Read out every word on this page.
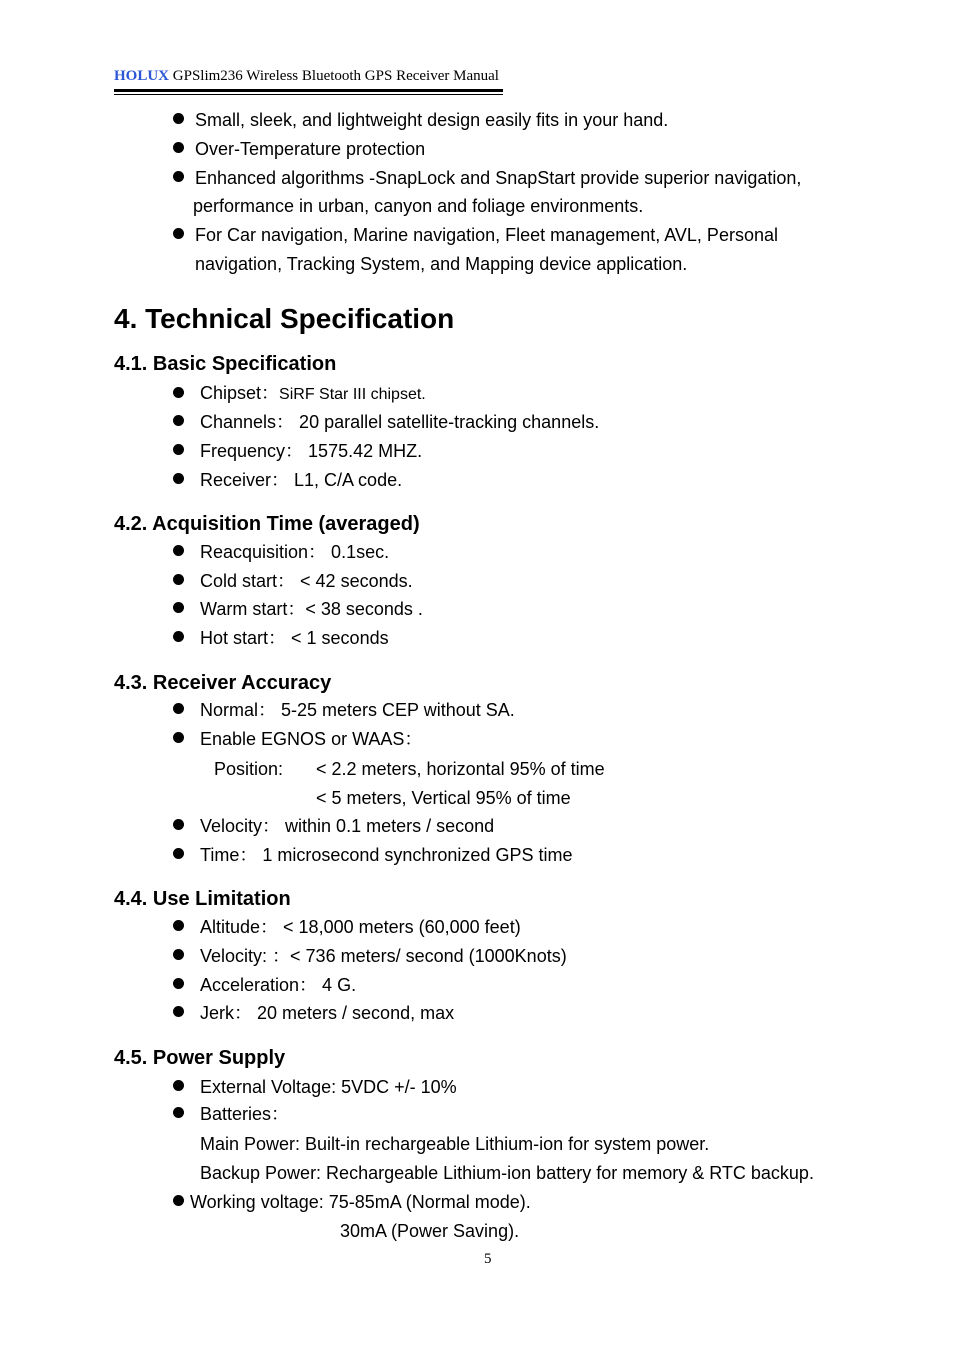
HOLUX GPSlim236 Wireless Bluetooth GPS Receiver Manual
Small, sleek, and lightweight design easily fits in your hand.
Over-Temperature protection
Enhanced algorithms -SnapLock and SnapStart provide superior navigation,
performance in urban, canyon and foliage environments.
For Car navigation, Marine navigation, Fleet management, AVL, Personal
navigation, Tracking System, and Mapping device application.
4. Technical Specification
4.1. Basic Specification
Chipset：SiRF Star III chipset.
Channels： 20 parallel satellite-tracking channels.
Frequency： 1575.42 MHZ.
Receiver： L1, C/A code.
4.2. Acquisition Time (averaged)
Reacquisition： 0.1sec.
Cold start： < 42 seconds.
Warm start：< 38 seconds .
Hot start： < 1 seconds
4.3. Receiver Accuracy
Normal： 5-25 meters CEP without SA.
Enable EGNOS or WAAS：
Position: < 2.2 meters, horizontal 95% of time
< 5 meters, Vertical 95% of time
Velocity： within 0.1 meters / second
Time： 1 microsecond synchronized GPS time
4.4. Use Limitation
Altitude： < 18,000 meters (60,000 feet)
Velocity: ：< 736 meters/ second (1000Knots)
Acceleration： 4 G.
Jerk： 20 meters / second, max
4.5. Power Supply
External Voltage: 5VDC +/- 10%
Batteries：
Main Power: Built-in rechargeable Lithium-ion for system power.
Backup Power: Rechargeable Lithium-ion battery for memory & RTC backup.
Working voltage: 75-85mA (Normal mode).
30mA (Power Saving).
5
